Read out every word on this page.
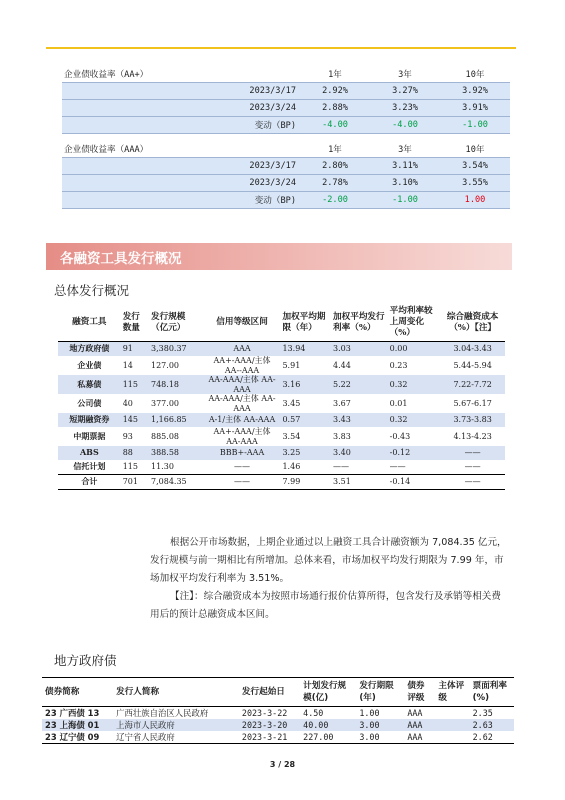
企业债收益率（AA+）		1年	3年	10年
	2023/3/17	2.92%	3.27%	3.92%
	2023/3/24	2.88%	3.23%	3.91%
	变动（BP)	-4.00	-4.00	-1.00
企业债收益率（AAA）		1年	3年	10年
	2023/3/17	2.80%	3.11%	3.54%
	2023/3/24	2.78%	3.10%	3.55%
	变动（BP)	-2.00	-1.00	1.00
各融资工具发行概况
总体发行概况
融资工具	发行数量	发行规模（亿元）	信用等级区间	加权平均期限（年）	加权平均发行利率（%）	平均利率较上周变化（%）	综合融资成本（%）【注】
地方政府债	91	3,380.37	AAA	13.94	3.03	0.00	3.04-3.43
企业债	14	127.00	AA+-AAA/主体 AA--AAA	5.91	4.44	0.23	5.44-5.94
私募债	115	748.18	AA-AAA/主体 AA-AAA	3.16	5.22	0.32	7.22-7.72
公司债	40	377.00	AA-AAA/主体 AA-AAA	3.45	3.67	0.01	5.67-6.17
短期融资券	145	1,166.85	A-1/主体 AA-AAA	0.57	3.43	0.32	3.73-3.83
中期票据	93	885.08	AA+-AAA/主体 AA-AAA	3.54	3.83	-0.43	4.13-4.23
ABS	88	388.58	BBB+-AAA	3.25	3.40	-0.12	——
信托计划	115	11.30	——	1.46	——	——	——
合计	701	7,084.35	——	7.99	3.51	-0.14	——
根据公开市场数据，上期企业通过以上融资工具合计融资额为 7,084.35 亿元，发行规模与前一期相比有所增加。总体来看，市场加权平均发行期限为 7.99 年，市场加权平均发行利率为 3.51%。
【注】：综合融资成本为按照市场通行报价估算所得，包含发行及承销等相关费用后的预计总融资成本区间。
地方政府债
债券简称	发行人简称	发行起始日	计划发行规模(亿)	发行期限(年)	债券评级	主体评级	票面利率(%)
23 广西债 13	广西壮族自治区人民政府	2023-3-22	4.50	1.00	AAA		2.35
23 上海债 01	上海市人民政府	2023-3-20	40.00	3.00	AAA		2.63
23 辽宁债 09	辽宁省人民政府	2023-3-21	227.00	3.00	AAA		2.62
3 / 28
